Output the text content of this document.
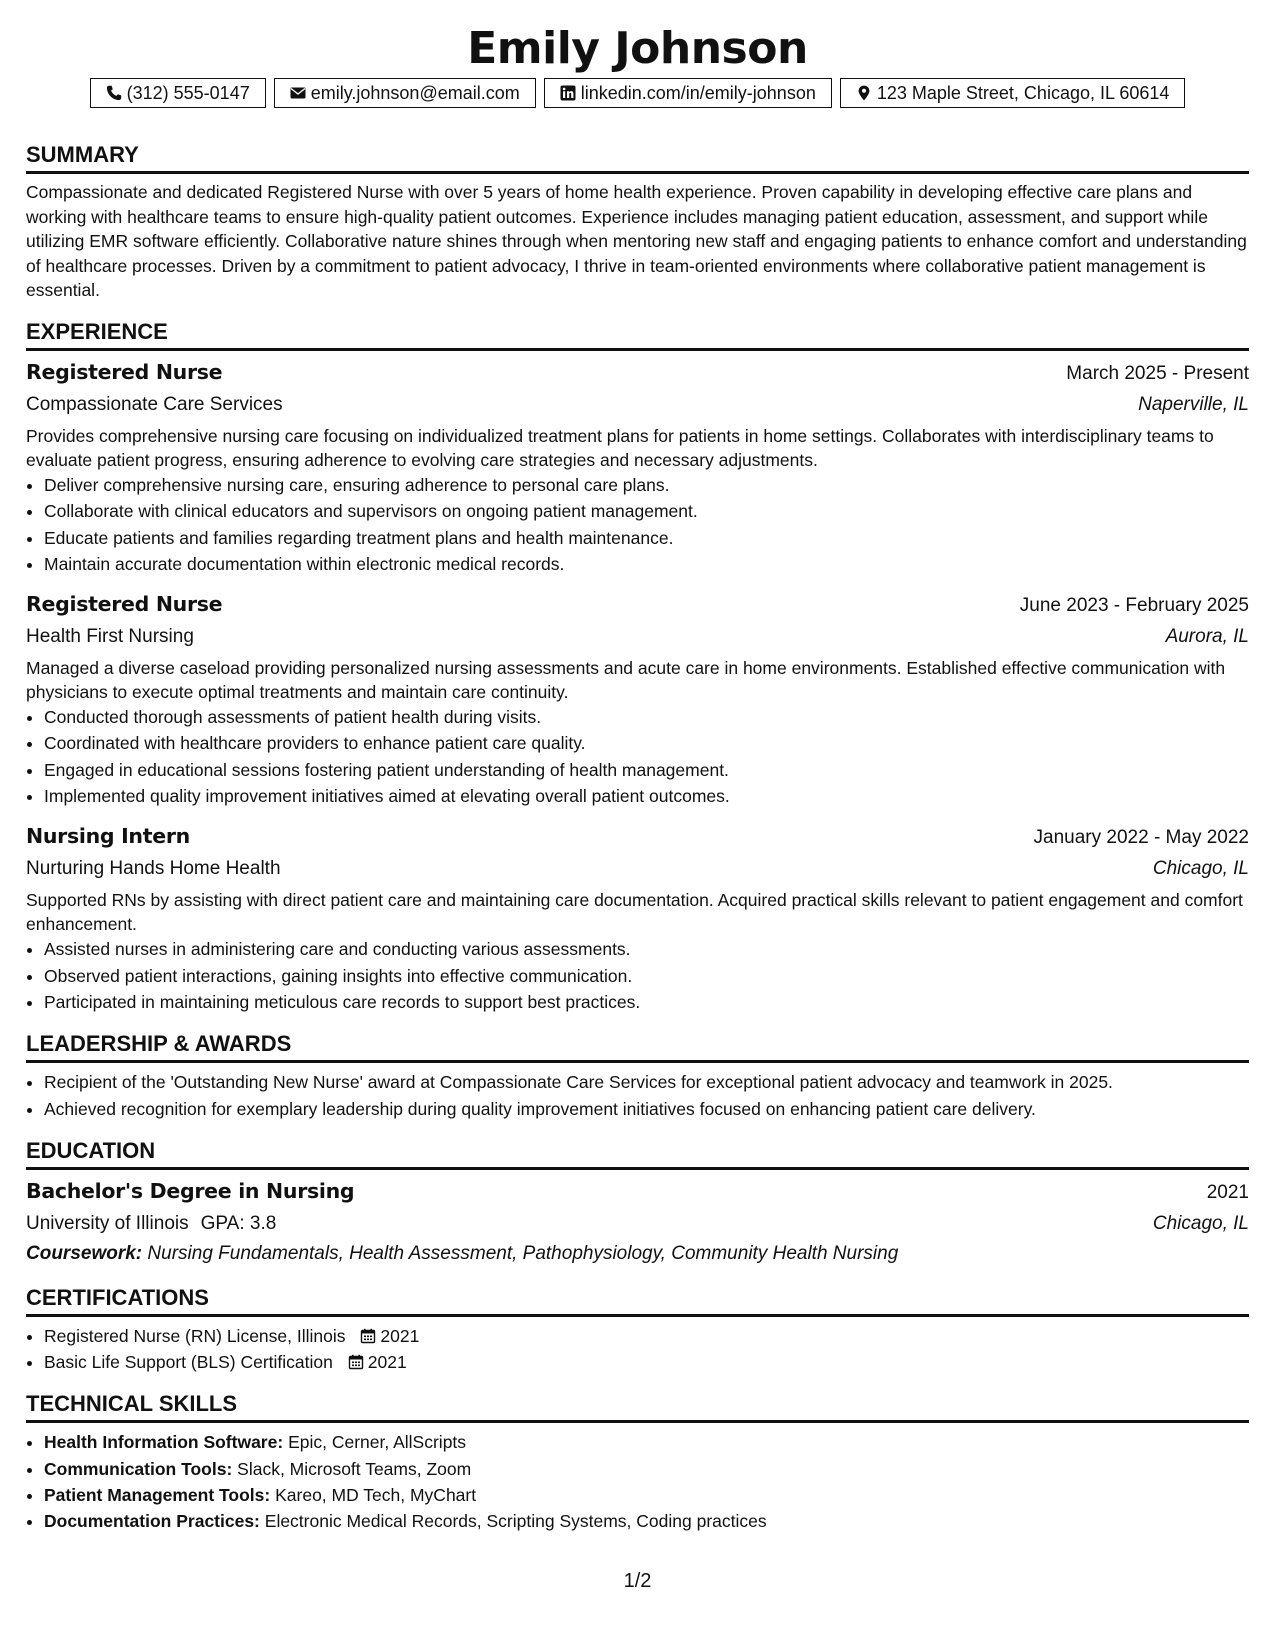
Emily Johnson
(312) 555-0147	emily.johnson@email.com	linkedin.com/in/emily-johnson	123 Maple Street, Chicago, IL 60614
SUMMARY

Compassionate and dedicated Registered Nurse with over 5 years of home health experience. Proven capability in developing effective care plans and working with healthcare teams to ensure high-quality patient outcomes. Experience includes managing patient education, assessment, and support while utilizing EMR software efficiently. Collaborative nature shines through when mentoring new staff and engaging patients to enhance comfort and understanding of healthcare processes. Driven by a commitment to patient advocacy, I thrive in team-oriented environments where collaborative patient management is essential.

EXPERIENCE
Registered Nurse	March 2025 - Present
Compassionate Care Services	Naperville, IL

Provides comprehensive nursing care focusing on individualized treatment plans for patients in home settings. Collaborates with interdisciplinary teams to evaluate patient progress, ensuring adherence to evolving care strategies and necessary adjustments.

• Deliver comprehensive nursing care, ensuring adherence to personal care plans.
• Collaborate with clinical educators and supervisors on ongoing patient management.
• Educate patients and families regarding treatment plans and health maintenance.
• Maintain accurate documentation within electronic medical records.
Registered Nurse	June 2023 - February 2025
Health First Nursing	Aurora, IL

Managed a diverse caseload providing personalized nursing assessments and acute care in home environments. Established effective communication with physicians to execute optimal treatments and maintain care continuity.

• Conducted thorough assessments of patient health during visits.
• Coordinated with healthcare providers to enhance patient care quality.
• Engaged in educational sessions fostering patient understanding of health management.
• Implemented quality improvement initiatives aimed at elevating overall patient outcomes.
Nursing Intern	January 2022 - May 2022
Nurturing Hands Home Health	Chicago, IL

Supported RNs by assisting with direct patient care and maintaining care documentation. Acquired practical skills relevant to patient engagement and comfort enhancement.

• Assisted nurses in administering care and conducting various assessments.
• Observed patient interactions, gaining insights into effective communication.
• Participated in maintaining meticulous care records to support best practices.
LEADERSHIP & AWARDS
• Recipient of the 'Outstanding New Nurse' award at Compassionate Care Services for exceptional patient advocacy and teamwork in 2025.
• Achieved recognition for exemplary leadership during quality improvement initiatives focused on enhancing patient care delivery.
EDUCATION
Bachelor's Degree in Nursing	2021
University of Illinois GPA: 3.8	Chicago, IL
Coursework: Nursing Fundamentals, Health Assessment, Pathophysiology, Community Health Nursing
CERTIFICATIONS
• Registered Nurse (RN) License, Illinois 2021
• Basic Life Support (BLS) Certification 2021
TECHNICAL SKILLS
• Health Information Software: Epic, Cerner, AllScripts
• Communication Tools: Slack, Microsoft Teams, Zoom
• Patient Management Tools: Kareo, MD Tech, MyChart
• Documentation Practices: Electronic Medical Records, Scripting Systems, Coding practices
1/2
